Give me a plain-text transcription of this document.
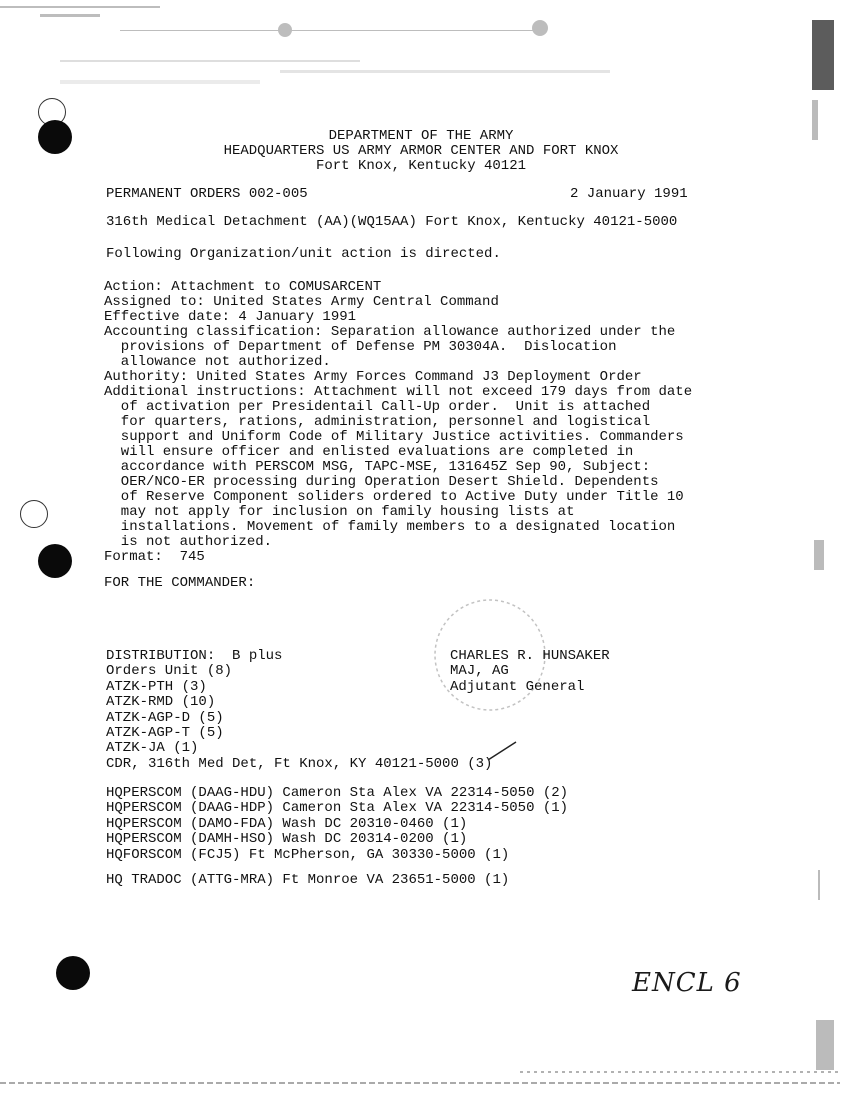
DEPARTMENT OF THE ARMY
HEADQUARTERS US ARMY ARMOR CENTER AND FORT KNOX
Fort Knox, Kentucky 40121
PERMANENT ORDERS 002-005	2 January 1991
316th Medical Detachment (AA)(WQ15AA) Fort Knox, Kentucky 40121-5000
Following Organization/unit action is directed.
Action: Attachment to COMUSARCENT
Assigned to: United States Army Central Command
Effective date: 4 January 1991
Accounting classification: Separation allowance authorized under the
provisions of Department of Defense PM 30304A.  Dislocation
allowance not authorized.
Authority: United States Army Forces Command J3 Deployment Order
Additional instructions: Attachment will not exceed 179 days from date
of activation per Presidentail Call-Up order.  Unit is attached
for quarters, rations, administration, personnel and logistical
support and Uniform Code of Military Justice activities. Commanders
will ensure officer and enlisted evaluations are completed in
accordance with PERSCOM MSG, TAPC-MSE, 131645Z Sep 90, Subject:
OER/NCO-ER processing during Operation Desert Shield. Dependents
of Reserve Component soliders ordered to Active Duty under Title 10
may not apply for inclusion on family housing lists at
installations. Movement of family members to a designated location
is not authorized.
Format:  745
FOR THE COMMANDER:
CHARLES R. HUNSAKER
MAJ, AG
Adjutant General
DISTRIBUTION:  B plus
Orders Unit (8)
ATZK-PTH (3)
ATZK-RMD (10)
ATZK-AGP-D (5)
ATZK-AGP-T (5)
ATZK-JA (1)
CDR, 316th Med Det, Ft Knox, KY 40121-5000 (3)
HQPERSCOM (DAAG-HDU) Cameron Sta Alex VA 22314-5050 (2)
HQPERSCOM (DAAG-HDP) Cameron Sta Alex VA 22314-5050 (1)
HQPERSCOM (DAMO-FDA) Wash DC 20310-0460 (1)
HQPERSCOM (DAMH-HSO) Wash DC 20314-0200 (1)
HQFORSCOM (FCJ5) Ft McPherson, GA 30330-5000 (1)
HQ TRADOC (ATTG-MRA) Ft Monroe VA 23651-5000 (1)
ENCL 6
